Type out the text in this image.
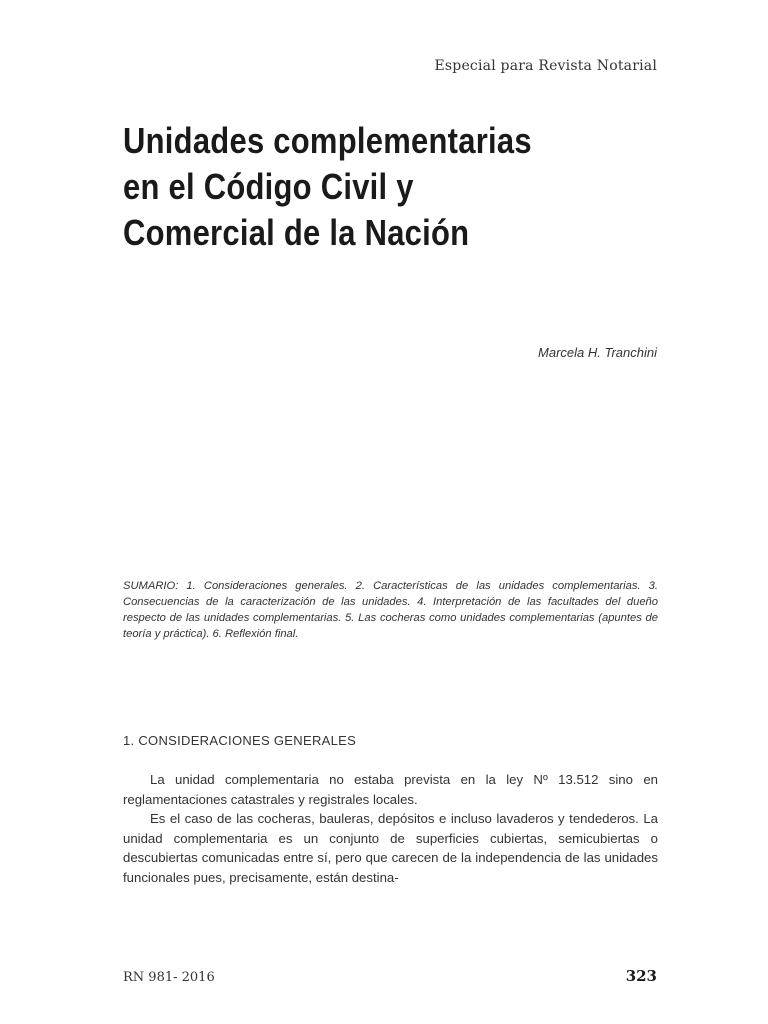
Especial para Revista Notarial
Unidades complementarias
en el Código Civil y
Comercial de la Nación
Marcela H. Tranchini

SUMARIO: 1. Consideraciones generales. 2. Características de las unidades complementarias. 3. Consecuencias de la caracterización de las unidades. 4. Interpretación de las facultades del dueño respecto de las unidades complementarias. 5. Las cocheras como unidades complementarias (apuntes de teoría y práctica). 6. Reflexión final.

1. CONSIDERACIONES GENERALES

La unidad complementaria no estaba prevista en la ley Nº 13.512 sino en reglamentaciones catastrales y registrales locales.

Es el caso de las cocheras, bauleras, depósitos e incluso lavaderos y tendederos. La unidad complementaria es un conjunto de superficies cubiertas, semicubiertas o descubiertas comunicadas entre sí, pero que carecen de la independencia de las unidades funcionales pues, precisamente, están destina-

RN 981- 2016	323
